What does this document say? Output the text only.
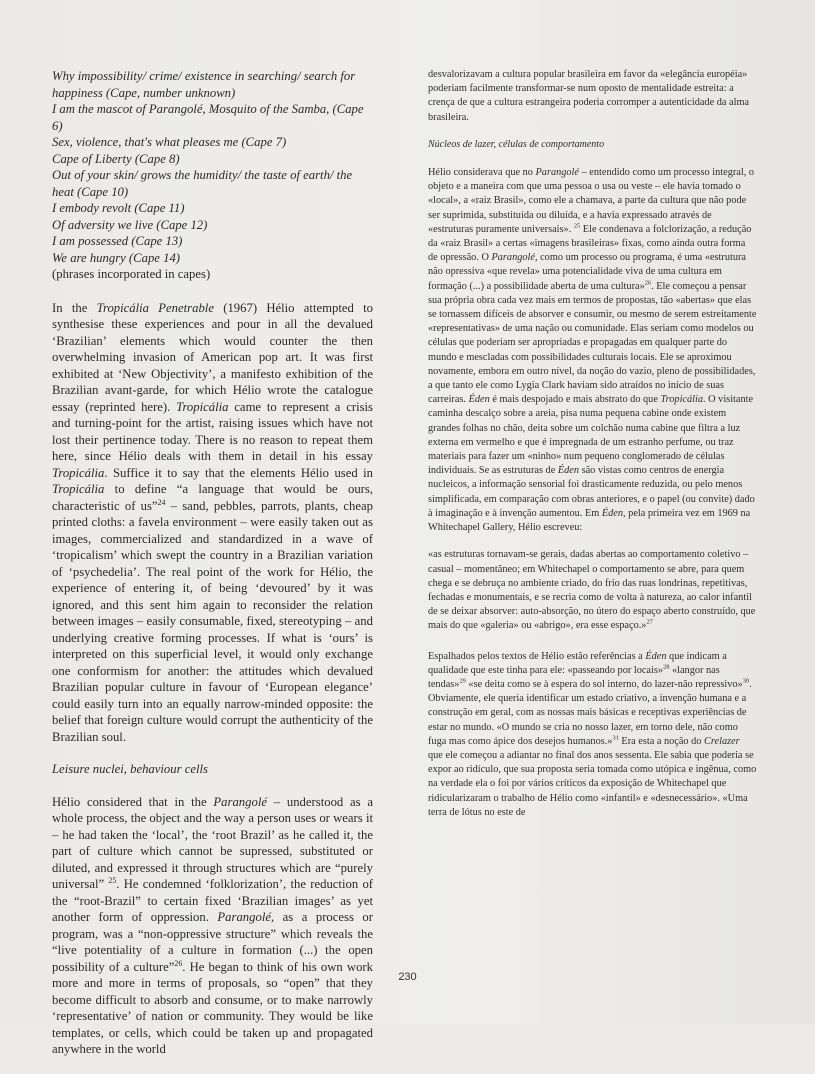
Why impossibility/ crime/ existence in searching/ search for happiness (Cape, number unknown)
I am the mascot of Parangolé, Mosquito of the Samba, (Cape 6)
Sex, violence, that's what pleases me (Cape 7)
Cape of Liberty (Cape 8)
Out of your skin/ grows the humidity/ the taste of earth/ the heat (Cape 10)
I embody revolt (Cape 11)
Of adversity we live (Cape 12)
I am possessed (Cape 13)
We are hungry (Cape 14)
(phrases incorporated in capes)

In the Tropicália Penetrable (1967) Hélio attempted to synthesise these experiences and pour in all the devalued ‘Brazilian’ elements which would counter the then overwhelming invasion of American pop art. It was first exhibited at ‘New Objectivity’, a manifesto exhibition of the Brazilian avant-garde, for which Hélio wrote the catalogue essay (reprinted here). Tropicália came to represent a crisis and turning-point for the artist, raising issues which have not lost their pertinence today. There is no reason to repeat them here, since Hélio deals with them in detail in his essay Tropicália. Suffice it to say that the elements Hélio used in Tropicália to define “a language that would be ours, characteristic of us”$^{24}$ – sand, pebbles, parrots, plants, cheap printed cloths: a favela environment – were easily taken out as images, commercialized and standardized in a wave of ‘tropicalism’ which swept the country in a Brazilian variation of ‘psychedelia’. The real point of the work for Hélio, the experience of entering it, of being ‘devoured’ by it was ignored, and this sent him again to reconsider the relation between images – easily consumable, fixed, stereotyping – and underlying creative forming processes. If what is ‘ours’ is interpreted on this superficial level, it would only exchange one conformism for another: the attitudes which devalued Brazilian popular culture in favour of ‘European elegance’ could easily turn into an equally narrow-minded opposite: the belief that foreign culture would corrupt the authenticity of the Brazilian soul.

Leisure nuclei, behaviour cells

Hélio considered that in the Parangolé – understood as a whole process, the object and the way a person uses or wears it – he had taken the ‘local’, the ‘root Brazil’ as he called it, the part of culture which cannot be supressed, substituted or diluted, and expressed it through structures which are “purely universal” $^{25}$. He condemned ‘folklorization’, the reduction of the “root-Brazil” to certain fixed ‘Brazilian images’ as yet another form of oppression. Parangolé, as a process or program, was a “non-oppressive structure” which reveals the “live potentiality of a culture in formation (...) the open possibility of a culture”$^{26}$. He began to think of his own work more and more in terms of proposals, so “open” that they become difficult to absorb and consume, or to make narrowly ‘representative’ of nation or community. They would be like templates, or cells, which could be taken up and propagated anywhere in the world

desvalorizavam a cultura popular brasileira em favor da «elegância européia» poderiam facilmente transformar-se num oposto de mentalidade estreita: a crença de que a cultura estrangeira poderia corromper a autenticidade da alma brasileira.

Núcleos de lazer, células de comportamento

Hélio considerava que no Parangolé – entendido como um processo integral, o objeto e a maneira com que uma pessoa o usa ou veste – ele havia tomado o «local», a «raiz Brasil», como ele a chamava, a parte da cultura que não pode ser suprimida, substituída ou diluída, e a havia expressado através de «estruturas puramente universais». $^{25}$ Ele condenava a folclorização, a redução da «raiz Brasil» a certas «imagens brasileiras» fixas, como ainda outra forma de opressão. O Parangolé, como um processo ou programa, é uma «estrutura não opressiva «que revela» uma potencialidade viva de uma cultura em formação (...) a possibilidade aberta de uma cultura»$^{26}$. Ele começou a pensar sua própria obra cada vez mais em termos de propostas, tão «abertas» que elas se tornassem difíceis de absorver e consumir, ou mesmo de serem estreitamente «representativas» de uma nação ou comunidade. Elas seriam como modelos ou células que poderiam ser apropriadas e propagadas em qualquer parte do mundo e mescladas com possibilidades culturais locais. Ele se aproximou novamente, embora em outro nível, da noção do vazio, pleno de possibilidades, a que tanto ele como Lygia Clark haviam sido atraídos no início de suas carreiras. Éden é mais despojado e mais abstrato do que Tropicália. O visitante caminha descalço sobre a areia, pisa numa pequena cabine onde existem grandes folhas no chão, deita sobre um colchão numa cabine que filtra a luz externa em vermelho e que é impregnada de um estranho perfume, ou traz materiais para fazer um «ninho» num pequeno conglomerado de células individuais. Se as estruturas de Éden são vistas como centros de energia nucleicos, a informação sensorial foi drasticamente reduzida, ou pelo menos simplificada, em comparação com obras anteriores, e o papel (ou convite) dado à imaginação e à invenção aumentou. Em Éden, pela primeira vez em 1969 na Whitechapel Gallery, Hélio escreveu:

«as estruturas tornavam-se gerais, dadas abertas ao comportamento coletivo – casual – momentâneo; em Whitechapel o comportamento se abre, para quem chega e se debruça no ambiente criado, do frio das ruas londrinas, repetitivas, fechadas e monumentais, e se recria como de volta à natureza, ao calor infantil de se deixar absorver: auto-absorção, no útero do espaço aberto construído, que mais do que «galeria» ou «abrigo», era esse espaço.»$^{27}$

Espalhados pelos textos de Hélio estão referências a Éden que indicam a qualidade que este tinha para ele: «passeando por locais»$^{28}$ «langor nas tendas»$^{29}$ «se deita como se à espera do sol interno, do lazer-não repressivo»$^{30}$.
Obviamente, ele queria identificar um estado criativo, a invenção humana e a construção em geral, com as nossas mais básicas e receptivas experiências de estar no mundo. «O mundo se cria no nosso lazer, em torno dele, não como fuga mas como ápice dos desejos humanos.»$^{31}$ Era esta a noção do Crelazer que ele começou a adiantar no final dos anos sessenta. Ele sabia que poderia se expor ao ridículo, que sua proposta seria tomada como utópica e ingênua, como na verdade ela o foi por vários críticos da exposição de Whitechapel que ridicularizaram o trabalho de Hélio como «infantil» e «desnecessário». «Uma terra de lótus no este de

230
